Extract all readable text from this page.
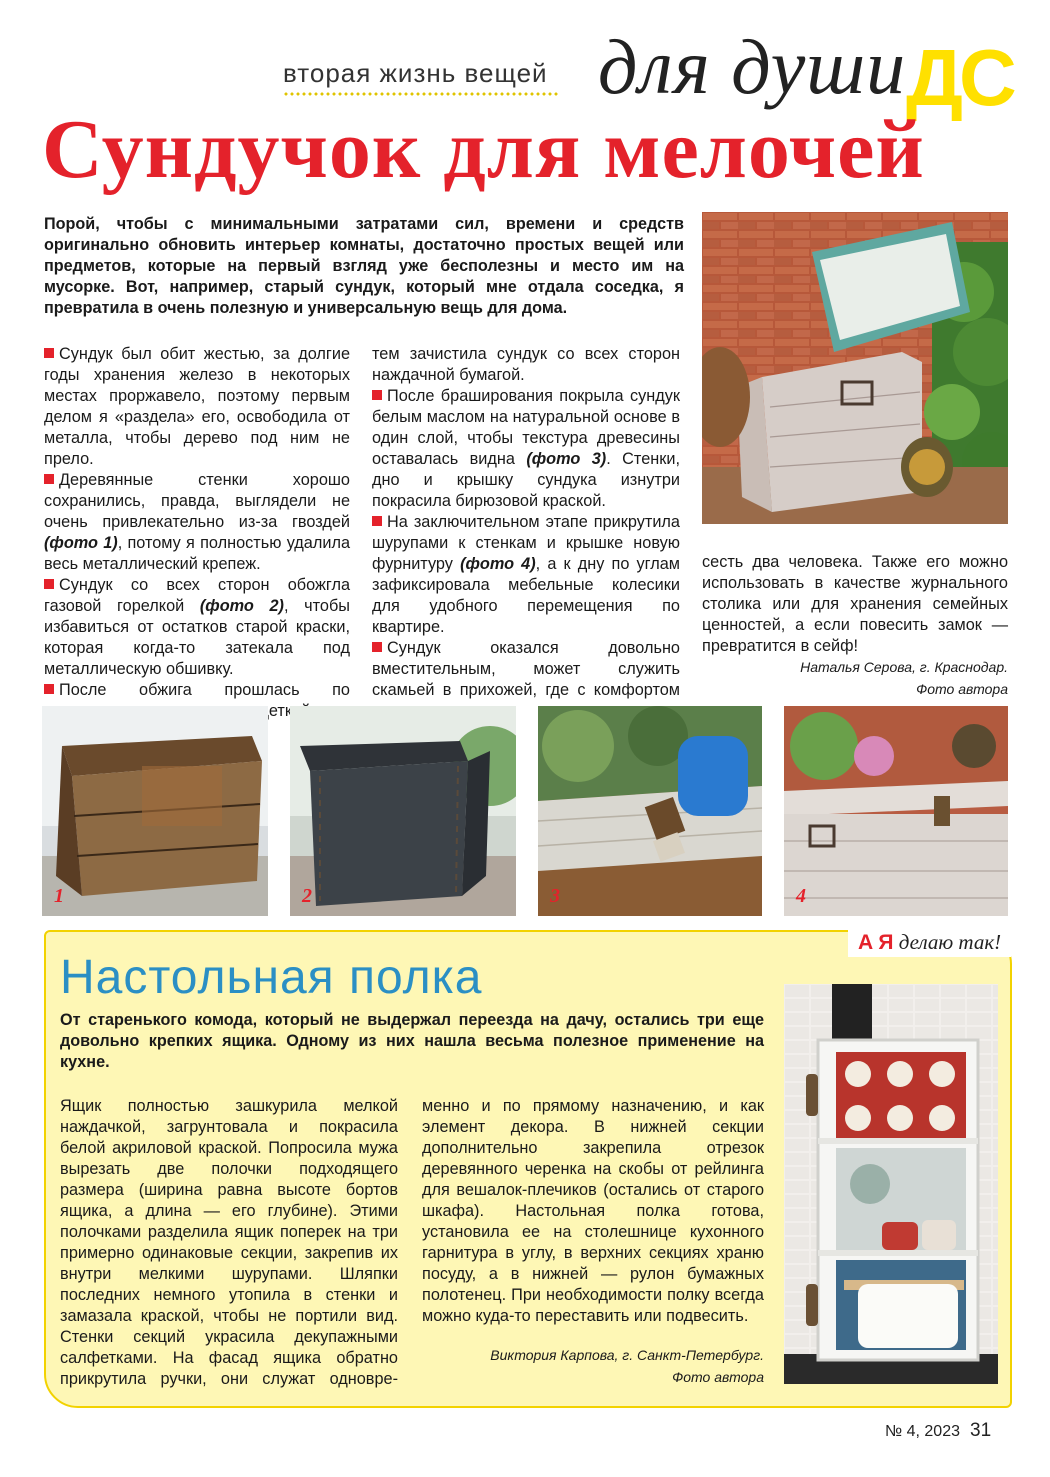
вторая жизнь вещей для души ДС
Сундучок для мелочей
Порой, чтобы с минимальными затратами сил, времени и средств оригинально обновить интерьер комнаты, достаточно простых вещей или предметов, которые на первый взгляд уже бесполезны и место им на мусорке. Вот, например, старый сундук, который мне отдала соседка, я превратила в очень полезную и универсальную вещь для дома.

Сундук был обит жестью, за долгие годы хранения железо в некоторых местах проржавело, поэтому первым делом я «раздела» его, освободила от металла, чтобы дерево под ним не прело.

Деревянные стенки хорошо сохранились, правда, выглядели не очень привлекательно из-за гвоздей (фото 1), потому я полностью удалила весь металлический крепеж.

Сундук со всех сторон обожгла газовой горелкой (фото 2), чтобы избавиться от остатков старой краски, которая когда-то затекала под металлическую обшивку.

После обжига прошлась по щеткой

тем зачистила сундук со всех сторон наждачной бумагой.

После браширования покрыла сундук белым маслом на натуральной основе в один слой, чтобы текстура древесины оставалась видна (фото 3). Стенки, дно и крышку сундука изнутри покрасила бирюзовой краской.

На заключительном этапе прикрутила шурупами к стенкам и крышке новую фурнитуру (фото 4), а к дну по углам зафиксировала мебельные колесики для удобного перемещения по квартире.

Сундук оказался довольно вместительным, может служить скамьей в прихожей, где с комфортом

сесть два человека. Также его можно использовать в качестве журнального столика или для хранения семейных ценностей, а если повесить замок — превратится в сейф!

Наталья Серова, г. Краснодар.
Фото автора
1	2	3	4
А Я делаю так!
Настольная полка
От старенького комода, который не выдержал переезда на дачу, остались три еще довольно крепких ящика. Одному из них нашла весьма полезное применение на кухне.

Ящик полностью зашкурила мелкой наждачкой, загрунтовала и покрасила белой акриловой краской. Попросила мужа вырезать две полочки подходящего размера (ширина равна высоте бортов ящика, а длина — его глубине). Этими полочками разделила ящик поперек на три примерно одинаковые секции, закрепив их внутри мелкими шурупами. Шляпки последних немного утопила в стенки и замазала краской, чтобы не портили вид. Стенки секций украсила декупажными салфетками. На фасад ящика обратно прикрутила ручки, они служат одновре-

менно и по прямому назначению, и как элемент декора. В нижней секции дополнительно закрепила отрезок деревянного черенка на скобы от рейлинга для вешалок-плечиков (остались от старого шкафа). Настольная полка готова, установила ее на столешнице кухонного гарнитура в углу, в верхних секциях храню посуду, а в нижней — рулон бумажных полотенец. При необходимости полку всегда можно куда-то переставить или подвесить.

Виктория Карпова, г. Санкт-Петербург.
Фото автора
№ 4, 2023 31
